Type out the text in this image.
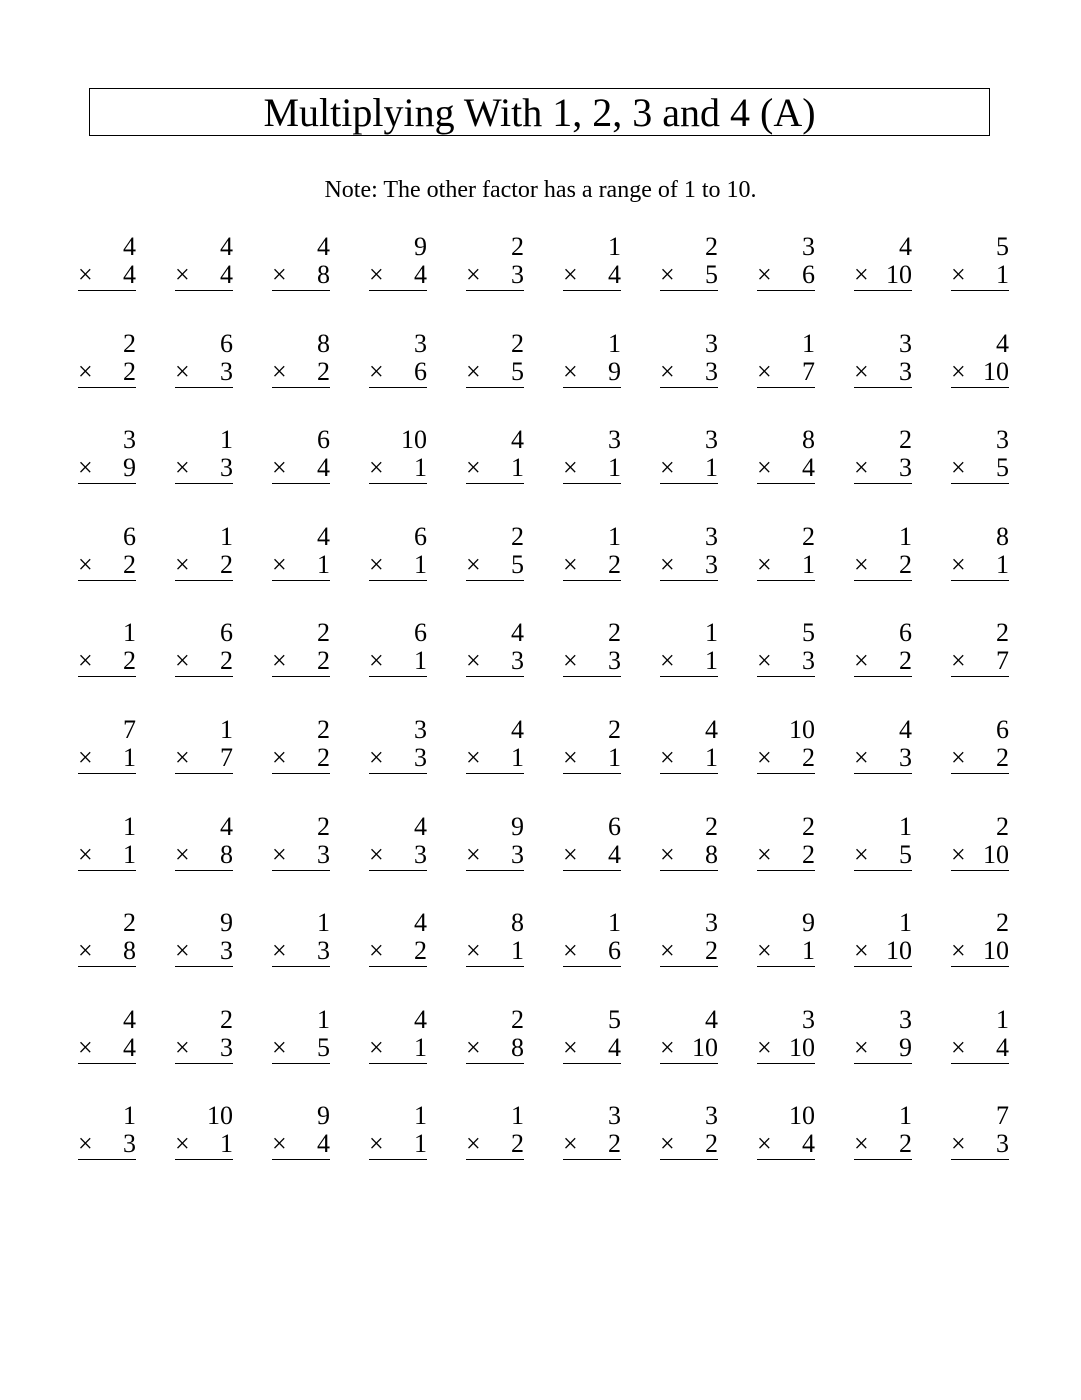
Multiplying With 1, 2, 3 and 4 (A)
Note: The other factor has a range of 1 to 10.
4
× 4
4
× 4
4
× 8
9
× 4
2
× 3
1
× 4
2
× 5
3
× 6
4
× 10
5
× 1
2
× 2
6
× 3
8
× 2
3
× 6
2
× 5
1
× 9
3
× 3
1
× 7
3
× 3
4
× 10
3
× 9
1
× 3
6
× 4
10
× 1
4
× 1
3
× 1
3
× 1
8
× 4
2
× 3
3
× 5
6
× 2
1
× 2
4
× 1
6
× 1
2
× 5
1
× 2
3
× 3
2
× 1
1
× 2
8
× 1
1
× 2
6
× 2
2
× 2
6
× 1
4
× 3
2
× 3
1
× 1
5
× 3
6
× 2
2
× 7
7
× 1
1
× 7
2
× 2
3
× 3
4
× 1
2
× 1
4
× 1
10
× 2
4
× 3
6
× 2
1
× 1
4
× 8
2
× 3
4
× 3
9
× 3
6
× 4
2
× 8
2
× 2
1
× 5
2
× 10
2
× 8
9
× 3
1
× 3
4
× 2
8
× 1
1
× 6
3
× 2
9
× 1
1
× 10
2
× 10
4
× 4
2
× 3
1
× 5
4
× 1
2
× 8
5
× 4
4
× 10
3
× 10
3
× 9
1
× 4
1
× 3
10
× 1
9
× 4
1
× 1
1
× 2
3
× 2
3
× 2
10
× 4
1
× 2
7
× 3
